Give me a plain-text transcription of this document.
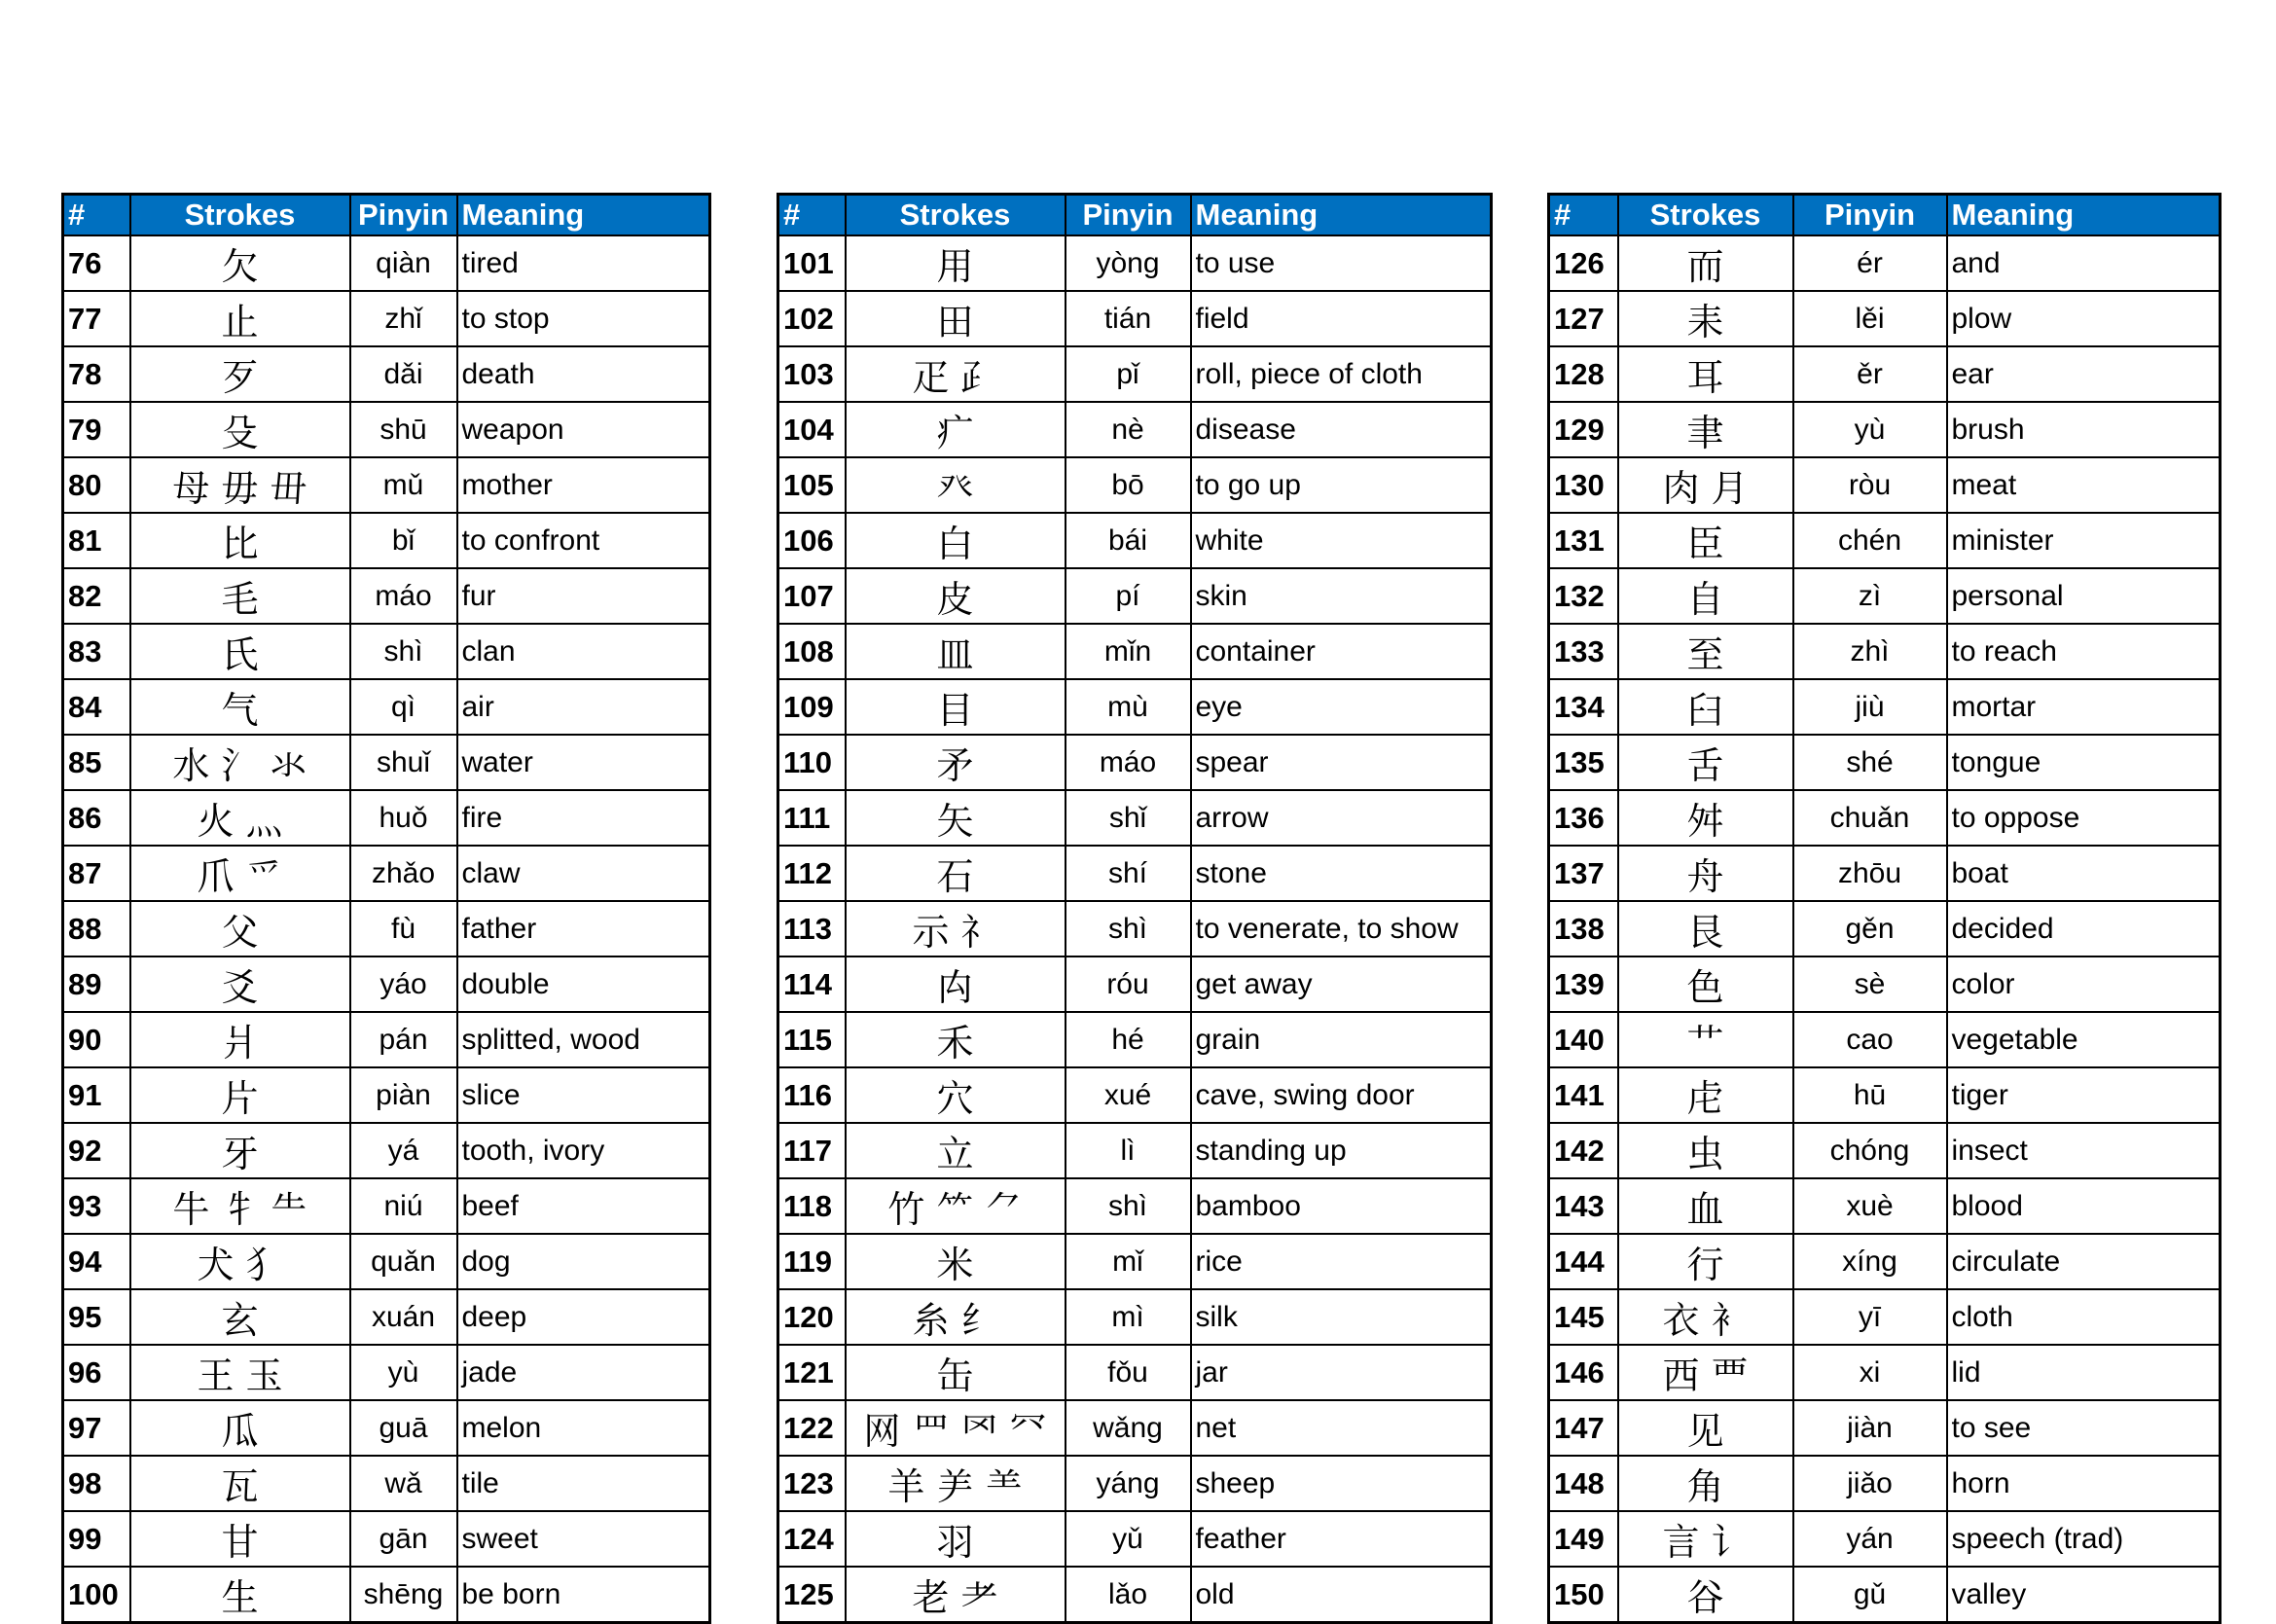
#	Strokes	Pinyin	Meaning
76	欠	qiàn	tired
77	止	zhǐ	to stop
78	歹	dǎi	death
79	殳	shū	weapon
80	母 毋 毌	mǔ	mother
81	比	bǐ	to confront
82	毛	máo	fur
83	氏	shì	clan
84	气	qì	air
85	水 氵 氺	shuǐ	water
86	火 灬	huǒ	fire
87	爪 爫	zhǎo	claw
88	父	fù	father
89	爻	yáo	double
90	爿	pán	splitted, wood
91	片	piàn	slice
92	牙	yá	tooth, ivory
93	牛 牜 ⺧	niú	beef
94	犬 犭	quǎn	dog
95	玄	xuán	deep
96	王 玉	yù	jade
97	瓜	guā	melon
98	瓦	wǎ	tile
99	甘	gān	sweet
100	生	shēng	be born
#	Strokes	Pinyin	Meaning
101	用	yòng	to use
102	田	tián	field
103	疋 ⺪	pǐ	roll, piece of cloth
104	疒	nè	disease
105	癶	bō	to go up
106	白	bái	white
107	皮	pí	skin
108	皿	mǐn	container
109	目	mù	eye
110	矛	máo	spear
111	矢	shǐ	arrow
112	石	shí	stone
113	示 礻	shì	to venerate, to show
114	禸	róu	get away
115	禾	hé	grain
116	穴	xué	cave, swing door
117	立	lì	standing up
118	竹 ⺮ ⺈	shì	bamboo
119	米	mǐ	rice
120	糸 纟	mì	silk
121	缶	fǒu	jar
122	网 罒 罓 ⺳	wǎng	net
123	羊 ⺶ ⺷	yáng	sheep
124	羽	yǔ	feather
125	老 耂	lǎo	old
#	Strokes	Pinyin	Meaning
126	而	ér	and
127	耒	lěi	plow
128	耳	ěr	ear
129	聿	yù	brush
130	肉 月	ròu	meat
131	臣	chén	minister
132	自	zì	personal
133	至	zhì	to reach
134	臼	jiù	mortar
135	舌	shé	tongue
136	舛	chuǎn	to oppose
137	舟	zhōu	boat
138	艮	gěn	decided
139	色	sè	color
140	艹	cao	vegetable
141	虍	hū	tiger
142	虫	chóng	insect
143	血	xuè	blood
144	行	xíng	circulate
145	衣 衤	yī	cloth
146	西 覀	xi	lid
147	见	jiàn	to see
148	角	jiǎo	horn
149	言 讠	yán	speech (trad)
150	谷	gǔ	valley
